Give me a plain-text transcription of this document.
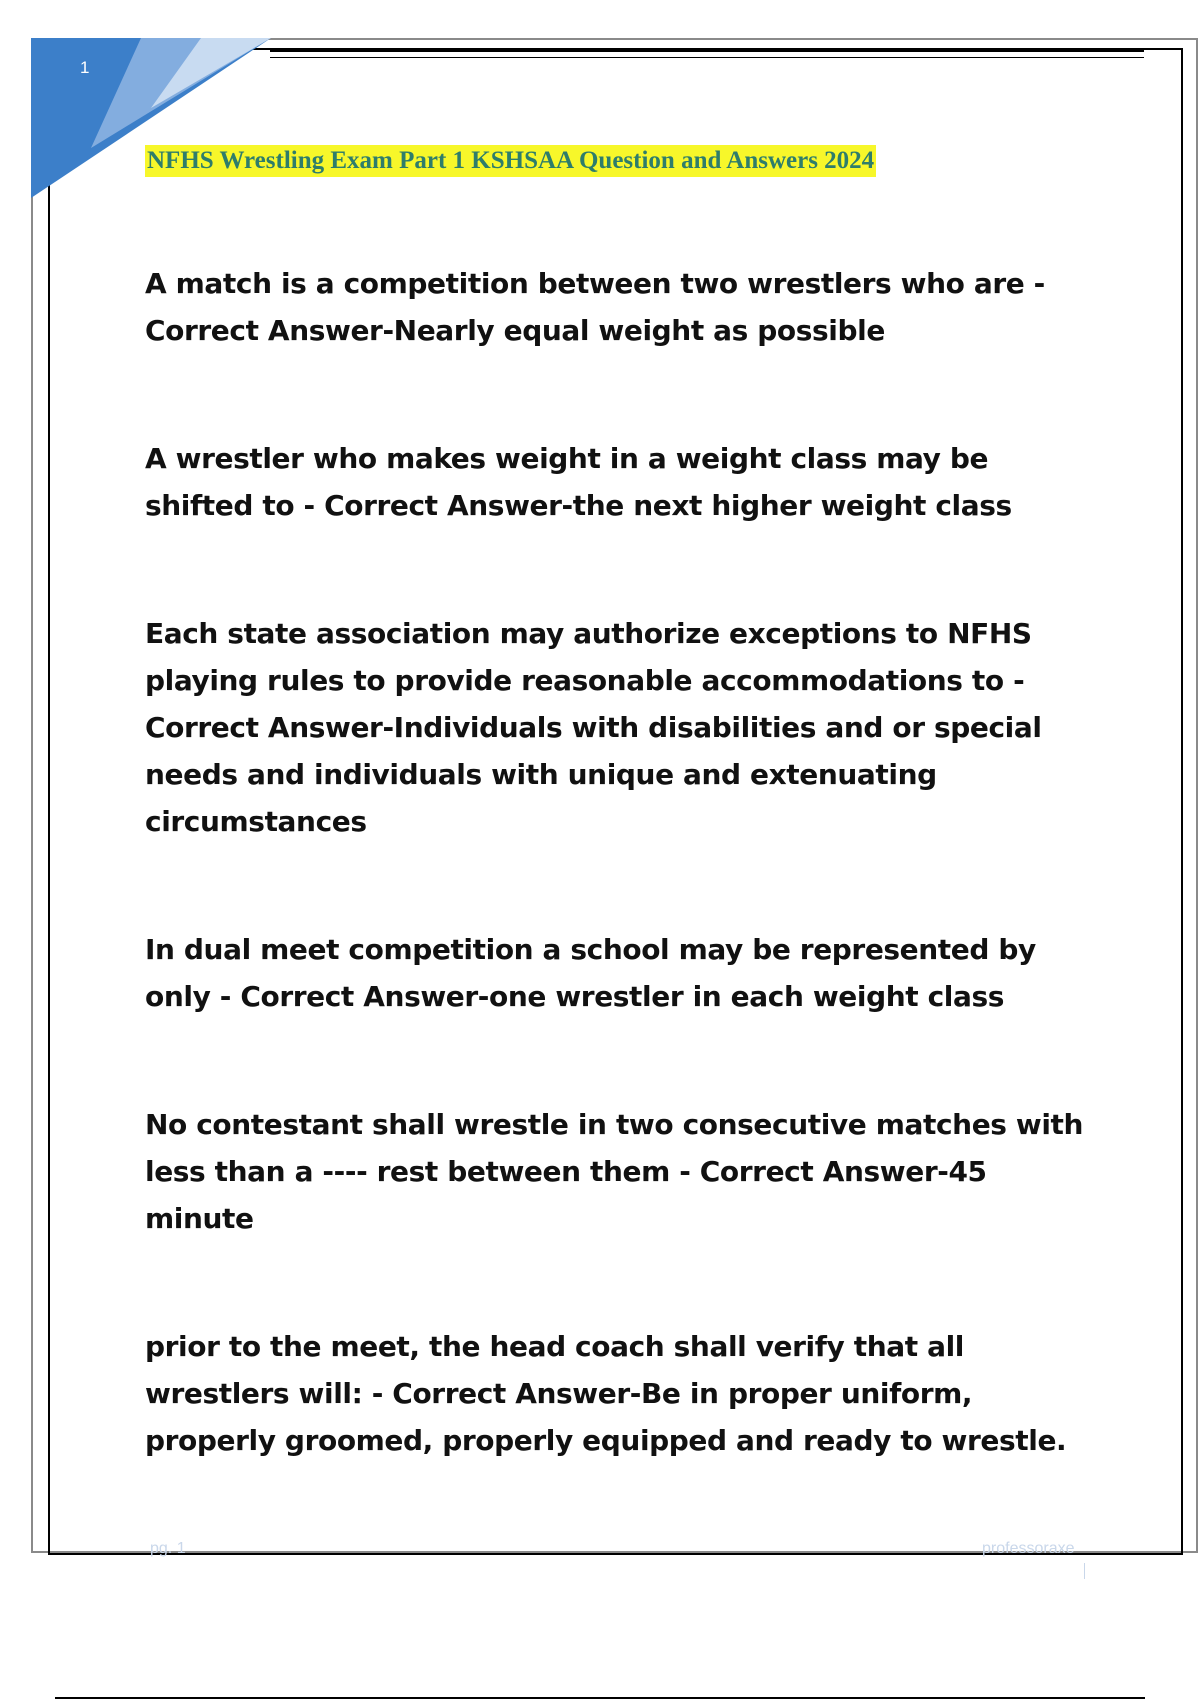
1
NFHS Wrestling Exam Part 1 KSHSAA Question and Answers 2024

A match is a competition between two wrestlers who are - Correct Answer-Nearly equal weight as possible

A wrestler who makes weight in a weight class may be shifted to - Correct Answer-the next higher weight class

Each state association may authorize exceptions to NFHS playing rules to provide reasonable accommodations to - Correct Answer-Individuals with disabilities and or special needs and individuals with unique and extenuating circumstances

In dual meet competition a school may be represented by only - Correct Answer-one wrestler in each weight class

No contestant shall wrestle in two consecutive matches with less than a ---- rest between them - Correct Answer-45 minute

prior to the meet, the head coach shall verify that all wrestlers will: - Correct Answer-Be in proper uniform, properly groomed, properly equipped and ready to wrestle.

pg. 1	professoraxe
